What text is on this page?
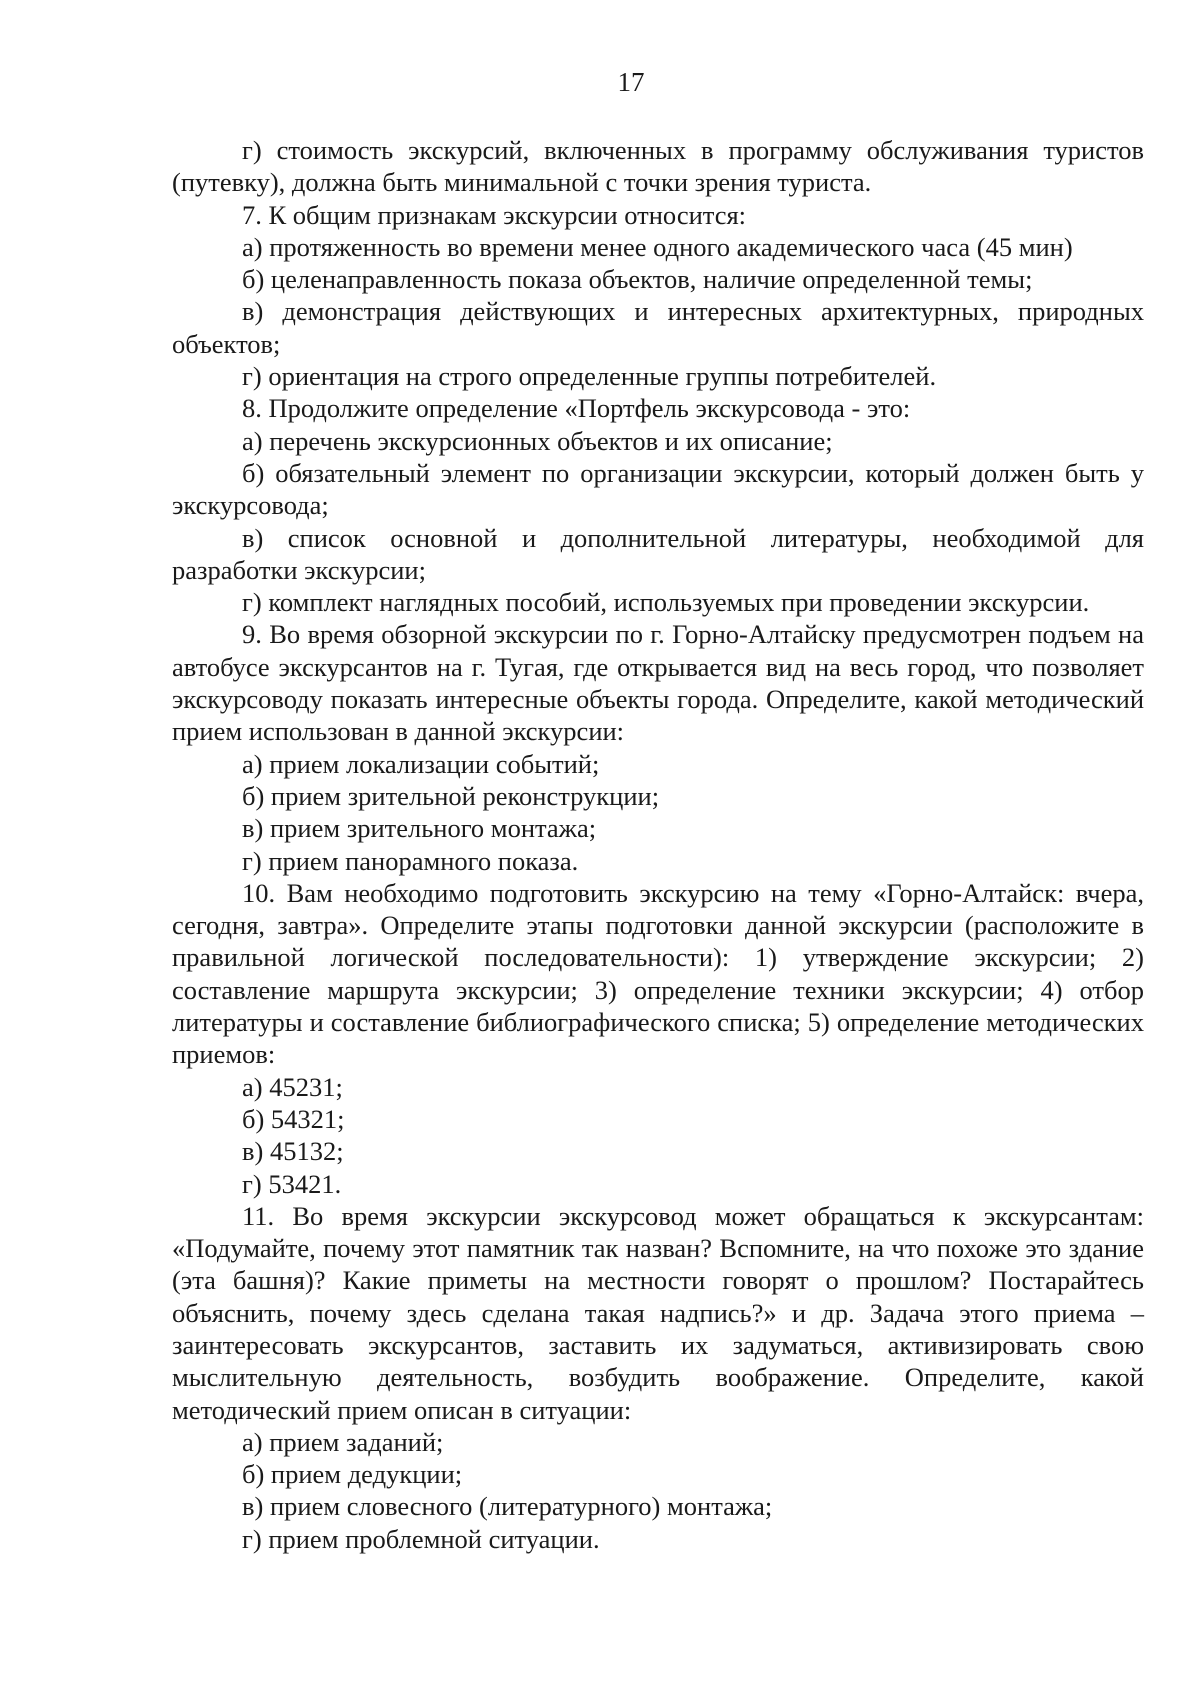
17

г) стоимость экскурсий, включенных в программу обслуживания туристов (путевку), должна быть минимальной с точки зрения туриста.

7. К общим признакам экскурсии относится:

а) протяженность во времени менее одного академического часа (45 мин)

б) целенаправленность показа объектов, наличие определенной темы;

в) демонстрация действующих и интересных архитектурных, природных объектов;

г) ориентация на строго определенные группы потребителей.

8. Продолжите определение «Портфель экскурсовода - это:

а) перечень экскурсионных объектов и их описание;

б) обязательный элемент по организации экскурсии, который должен быть у экскурсовода;

в) список основной и дополнительной литературы, необходимой для разработки экскурсии;

г) комплект наглядных пособий, используемых при проведении экскурсии.

9. Во время обзорной экскурсии по г. Горно-Алтайску предусмотрен подъем на автобусе экскурсантов на г. Тугая, где открывается вид на весь город, что позволяет экскурсоводу показать интересные объекты города. Определите, какой методический прием использован в данной экскурсии:

а) прием локализации событий;

б) прием зрительной реконструкции;

в) прием зрительного монтажа;

г) прием панорамного показа.

10. Вам необходимо подготовить экскурсию на тему «Горно-Алтайск: вчера, сегодня, завтра». Определите этапы подготовки данной экскурсии (расположите в правильной логической последовательности): 1) утверждение экскурсии; 2) составление маршрута экскурсии; 3) определение техники экскурсии; 4) отбор литературы и составление библиографического списка; 5) определение методических приемов:

а) 45231;

б) 54321;

в) 45132;

г) 53421.

11. Во время экскурсии экскурсовод может обращаться к экскурсантам: «Подумайте, почему этот памятник так назван? Вспомните, на что похоже это здание (эта башня)? Какие приметы на местности говорят о прошлом? Постарайтесь объяснить, почему здесь сделана такая надпись?» и др. Задача этого приема – заинтересовать экскурсантов, заставить их задуматься, активизировать свою мыслительную деятельность, возбудить воображение. Определите, какой методический прием описан в ситуации:

а) прием заданий;

б) прием дедукции;

в) прием словесного (литературного) монтажа;

г) прием проблемной ситуации.
